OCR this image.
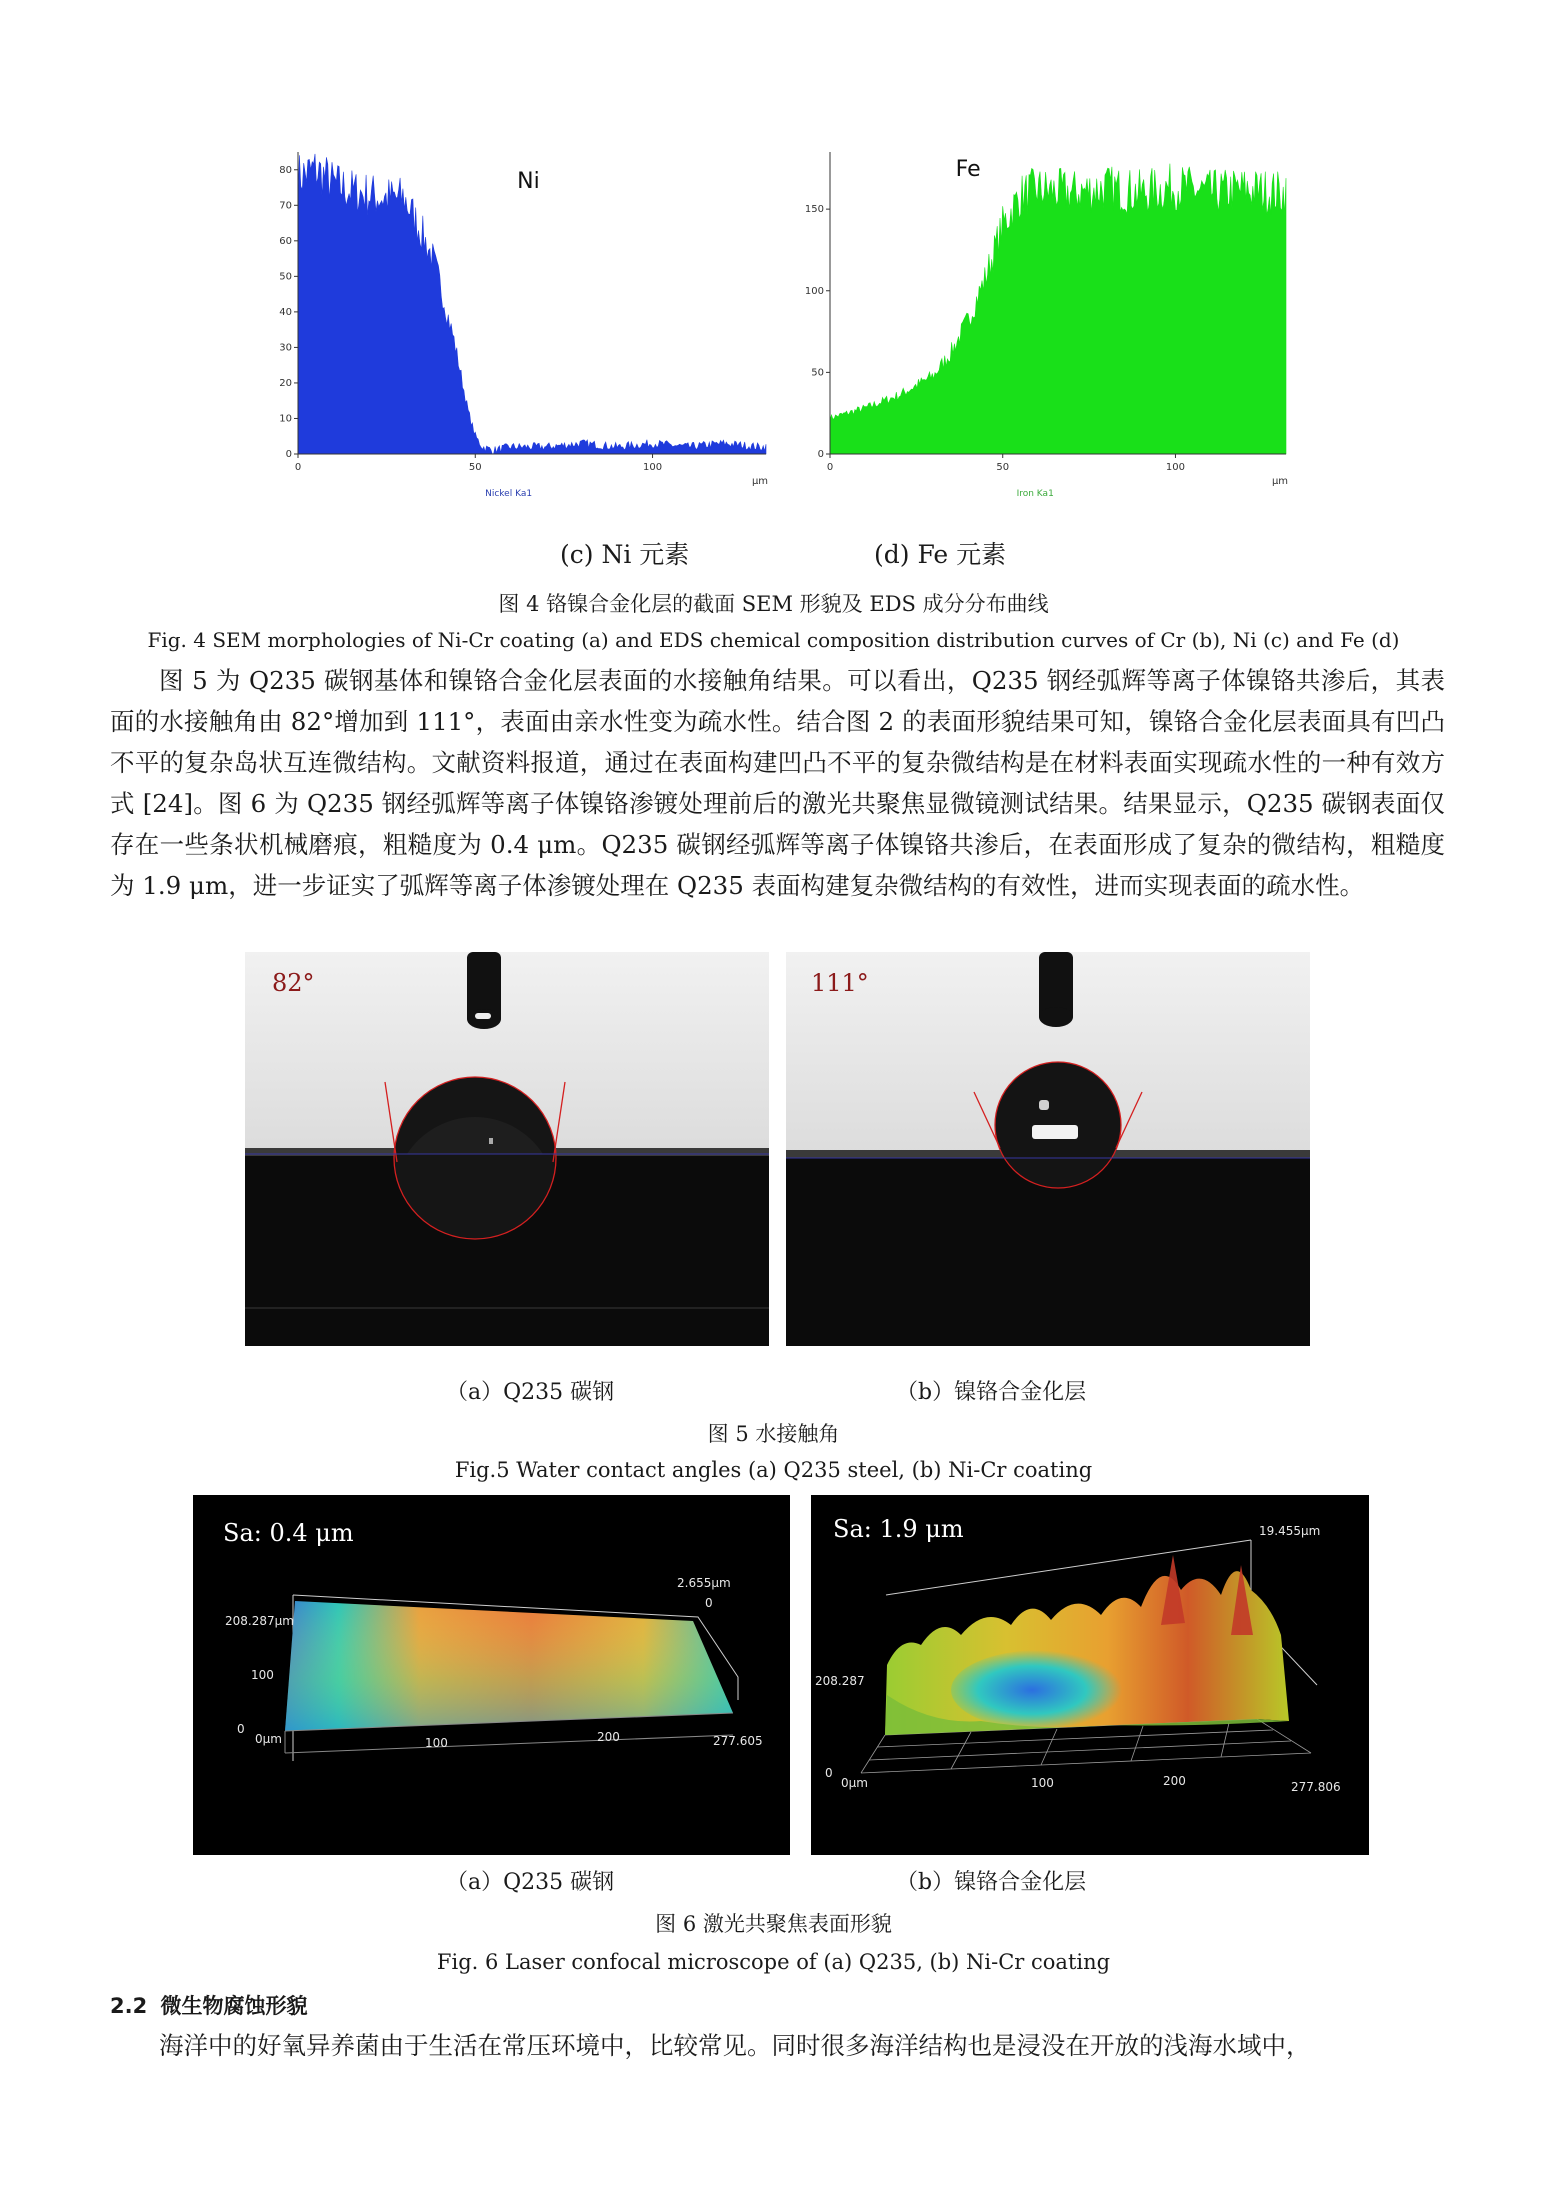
0
10
20
30
40
50
60
70
80
0	50	100
μm
Nickel Ka1
Ni
0
50
100
150
0	50	100
μm
Iron Ka1
Fe
(c) Ni 元素	(d) Fe 元素
图 4 铬镍合金化层的截面 SEM 形貌及 EDS 成分分布曲线
Fig. 4 SEM morphologies of Ni-Cr coating (a) and EDS chemical composition distribution curves of Cr (b), Ni (c) and Fe (d)

图 5 为 Q235 碳钢基体和镍铬合金化层表面的水接触角结果。可以看出，Q235 钢经弧辉等离子体镍铬共渗后，其表面的水接触角由 82°增加到 111°，表面由亲水性变为疏水性。结合图 2 的表面形貌结果可知，镍铬合金化层表面具有凹凸不平的复杂岛状互连微结构。文献资料报道，通过在表面构建凹凸不平的复杂微结构是在材料表面实现疏水性的一种有效方式 [24]。图 6 为 Q235 钢经弧辉等离子体镍铬渗镀处理前后的激光共聚焦显微镜测试结果。结果显示，Q235 碳钢表面仅存在一些条状机械磨痕，粗糙度为 0.4 μm。Q235 碳钢经弧辉等离子体镍铬共渗后，在表面形成了复杂的微结构，粗糙度为 1.9 μm，进一步证实了弧辉等离子体渗镀处理在 Q235 表面构建复杂微结构的有效性，进而实现表面的疏水性。

82°	111°
（a）Q235 碳钢	（b）镍铬合金化层
图 5 水接触角
Fig.5 Water contact angles (a) Q235 steel, (b) Ni-Cr coating
2.655μm
0
208.287μm
100
0
0μm	100	200	277.605
Sa: 0.4 μm	19.455μm
208.287
0
0μm	100	200	277.806
Sa: 1.9 μm
（a）Q235 碳钢	（b）镍铬合金化层
图 6 激光共聚焦表面形貌
Fig. 6 Laser confocal microscope of (a) Q235, (b) Ni-Cr coating
2.2 微生物腐蚀形貌

海洋中的好氧异养菌由于生活在常压环境中，比较常见。同时很多海洋结构也是浸没在开放的浅海水域中，
